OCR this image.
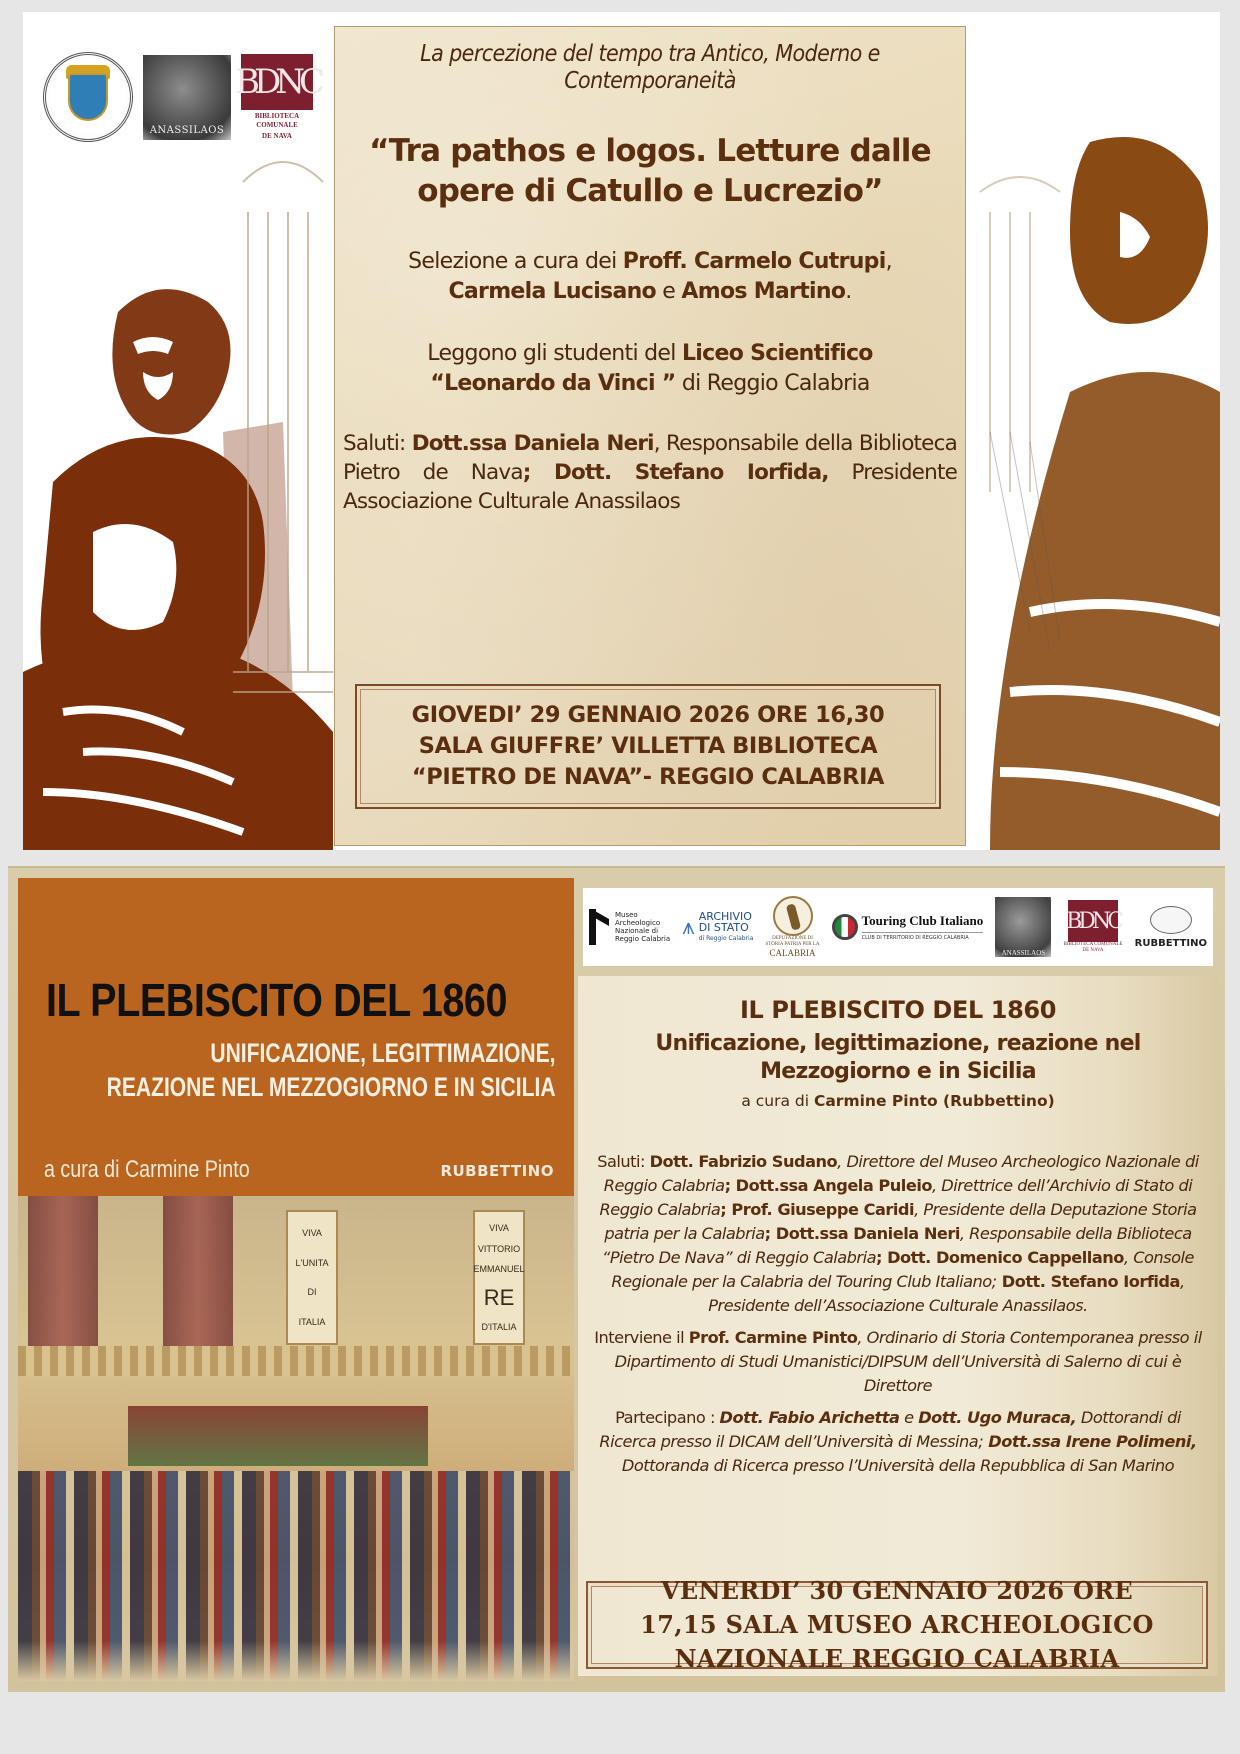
ANASSILAOS
BDNC
BIBLIOTECA COMUNALE
DE NAVA
La percezione del tempo tra Antico, Moderno e
Contemporaneità
“Tra pathos e logos. Letture dalle
opere di Catullo e Lucrezio”
Selezione a cura dei Proff. Carmelo Cutrupi,
Carmela Lucisano e Amos Martino.
Leggono gli studenti del Liceo Scientifico
“Leonardo da Vinci ” di Reggio Calabria
Saluti: Dott.ssa Daniela Neri, Responsabile della Biblioteca Pietro de Nava; Dott. Stefano Iorfida, Presidente Associazione Culturale Anassilaos
GIOVEDI’ 29 GENNAIO 2026 ORE 16,30
SALA GIUFFRE’ VILLETTA BIBLIOTECA
“PIETRO DE NAVA”- REGGIO CALABRIA
IL PLEBISCITO DEL 1860
UNIFICAZIONE, LEGITTIMAZIONE,
REAZIONE NEL MEZZOGIORNO E IN SICILIA
a cura di Carmine Pinto	RUBBETTINO
VIVA
L'UNITA
DI
ITALIA
VIVA
VITTORIO
EMMANUEL
RE
D'ITALIA
Museo
Archeologico
Nazionale di
Reggio Calabria ⩚ ARCHIVIO
DI STATO
di Reggio Calabria	DEPUTAZIONE DI
STORIA PATRIA PER LA
CALABRIA
Touring Club Italiano
CLUB DI TERRITORIO DI REGGIO CALABRIA
ANASSILAOS
BDNC
BIBLIOTECA COMUNALE
DE NAVA
RUBBETTINO
IL PLEBISCITO DEL 1860
Unificazione, legittimazione, reazione nel
Mezzogiorno e in Sicilia
a cura di Carmine Pinto (Rubbettino)
Saluti: Dott. Fabrizio Sudano, Direttore del Museo Archeologico Nazionale di Reggio Calabria; Dott.ssa Angela Puleio, Direttrice dell’Archivio di Stato di Reggio Calabria; Prof. Giuseppe Caridi, Presidente della Deputazione Storia patria per la Calabria; Dott.ssa Daniela Neri, Responsabile della Biblioteca “Pietro De Nava” di Reggio Calabria; Dott. Domenico Cappellano, Console Regionale per la Calabria del Touring Club Italiano; Dott. Stefano Iorfida, Presidente dell’Associazione Culturale Anassilaos.
Interviene il Prof. Carmine Pinto, Ordinario di Storia Contemporanea presso il Dipartimento di Studi Umanistici/DIPSUM dell’Università di Salerno di cui è Direttore
Partecipano : Dott. Fabio Arichetta e Dott. Ugo Muraca, Dottorandi di Ricerca presso il DICAM dell’Università di Messina; Dott.ssa Irene Polimeni, Dottoranda di Ricerca presso l’Università della Repubblica di San Marino
VENERDI’ 30 GENNAIO 2026 ORE
17,15 SALA MUSEO ARCHEOLOGICO
NAZIONALE REGGIO CALABRIA
